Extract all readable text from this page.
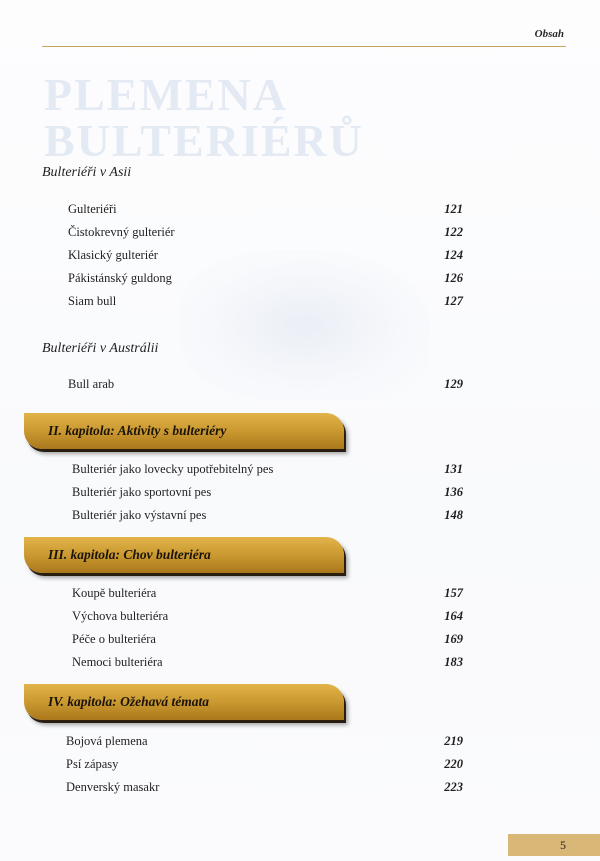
PLEMENA BULTERIÉRŮ
Obsah
Bulteriéři v Asii
Gulteriéři	121
Čistokrevný gulteriér	122
Klasický gulteriér	124
Pákistánský guldong	126
Siam bull	127
Bulteriéři v Austrálii
Bull arab	129
II. kapitola: Aktivity s bulteriéry
Bulteriér jako lovecky upotřebitelný pes	131
Bulteriér jako sportovní pes	136
Bulteriér jako výstavní pes	148
III. kapitola: Chov bulteriéra
Koupě bulteriéra	157
Výchova bulteriéra	164
Péče o bulteriéra	169
Nemoci bulteriéra	183
IV. kapitola: Ožehavá témata
Bojová plemena	219
Psí zápasy	220
Denverský masakr	223
5
